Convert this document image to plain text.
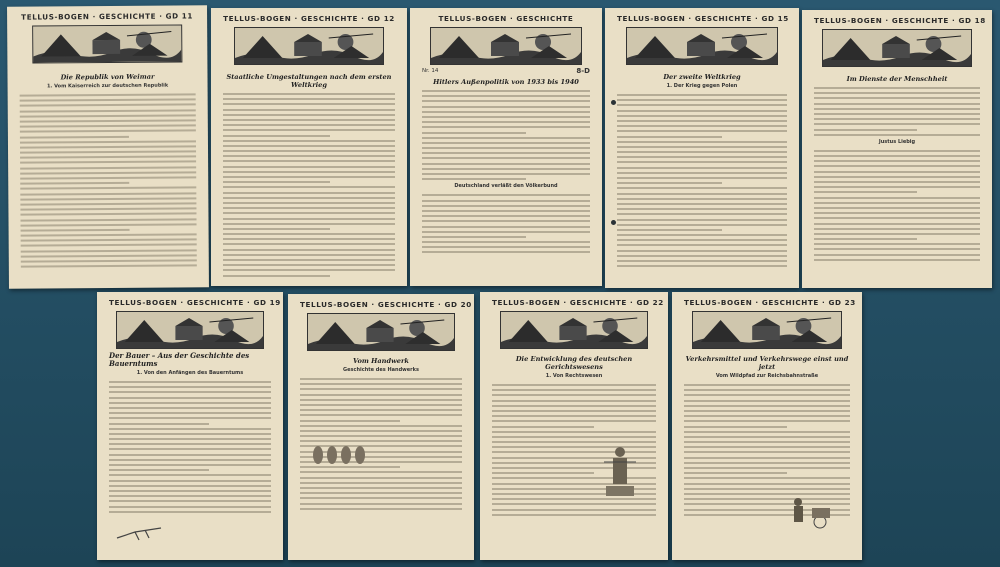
TELLUS-BOGEN · GESCHICHTE · GD 11
Die Republik von Weimar
1. Vom Kaiserreich zur deutschen Republik
TELLUS-BOGEN · GESCHICHTE · GD 12
Staatliche Umgestaltungen nach dem ersten Weltkrieg
TELLUS-BOGEN · GESCHICHTE
Nr. 14	8-D
Hitlers Außenpolitik von 1933 bis 1940
Deutschland verläßt den Völkerbund
TELLUS-BOGEN · GESCHICHTE · GD 15
Der zweite Weltkrieg
1. Der Krieg gegen Polen
TELLUS-BOGEN · GESCHICHTE · GD 18
Im Dienste der Menschheit
Justus Liebig
TELLUS-BOGEN · GESCHICHTE · GD 19
Der Bauer – Aus der Geschichte des Bauerntums
1. Von den Anfängen des Bauerntums
TELLUS-BOGEN · GESCHICHTE · GD 20
Vom Handwerk
Geschichte des Handwerks
TELLUS-BOGEN · GESCHICHTE · GD 22
Die Entwicklung des deutschen Gerichtswesens
1. Von Rechtswesen
TELLUS-BOGEN · GESCHICHTE · GD 23
Verkehrsmittel und Verkehrswege einst und jetzt
Vom Wildpfad zur Reichsbahnstraße
